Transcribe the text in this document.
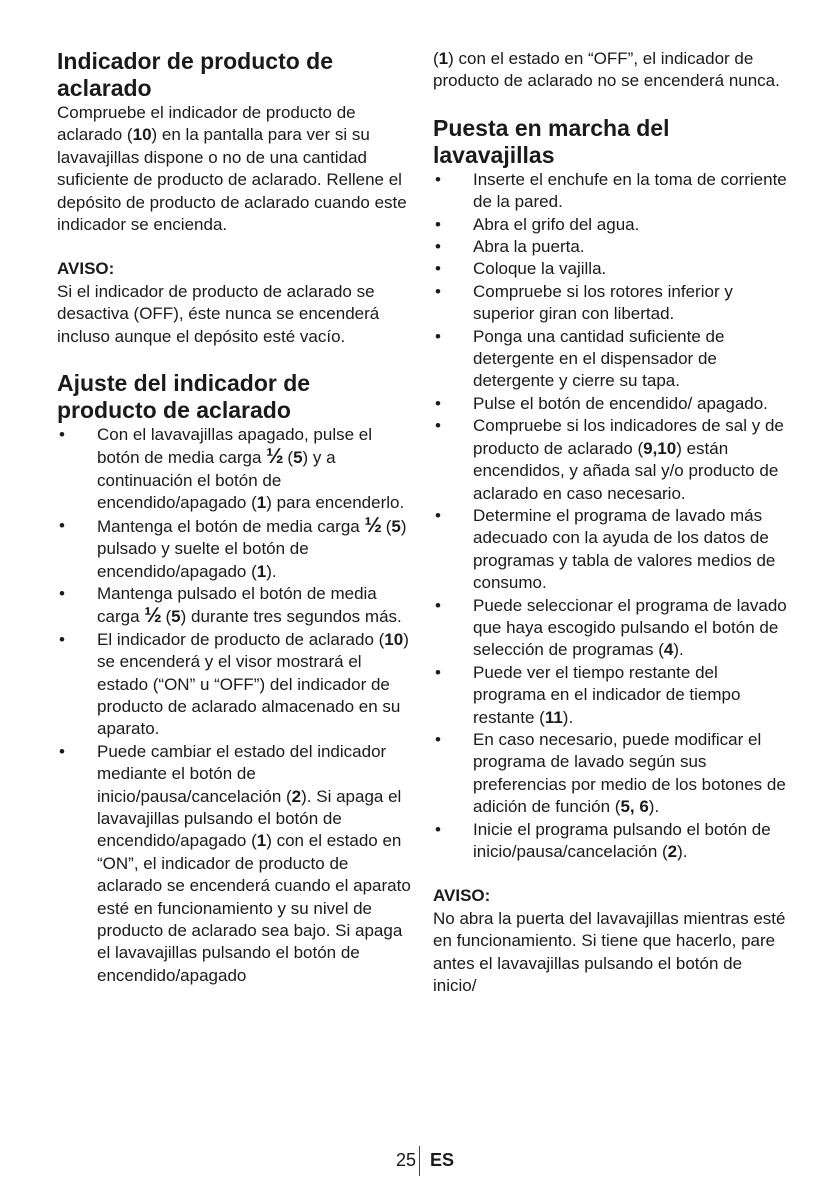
Indicador de producto de aclarado

Compruebe el indicador de producto de aclarado (10) en la pantalla para ver si su lavavajillas dispone o no de una cantidad suficiente de producto de aclarado. Rellene el depósito de producto de aclarado cuando este indicador se encienda.

AVISO:

Si el indicador de producto de aclarado se desactiva (OFF), éste nunca se encenderá incluso aunque el depósito esté vacío.

Ajuste del indicador de producto de aclarado
• Con el lavavajillas apagado, pulse el botón de media carga ½ (5) y a continuación el botón de encendido/apagado (1) para encenderlo.
• Mantenga el botón de media carga ½ (5) pulsado y suelte el botón de encendido/apagado (1).
• Mantenga pulsado el botón de media carga ½ (5) durante tres segundos más.
• El indicador de producto de aclarado (10) se encenderá y el visor mostrará el estado (“ON” u “OFF”) del indicador de producto de aclarado almacenado en su aparato.
• Puede cambiar el estado del indicador mediante el botón de inicio/pausa/cancelación (2). Si apaga el lavavajillas pulsando el botón de encendido/apagado (1) con el estado en “ON”, el indicador de producto de aclarado se encenderá cuando el aparato esté en funcionamiento y su nivel de producto de aclarado sea bajo. Si apaga el lavavajillas pulsando el botón de encendido/apagado

(1) con el estado en “OFF”, el indicador de producto de aclarado no se encenderá nunca.

Puesta en marcha del lavavajillas
• Inserte el enchufe en la toma de corriente de la pared.
• Abra el grifo del agua.
• Abra la puerta.
• Coloque la vajilla.
• Compruebe si los rotores inferior y superior giran con libertad.
• Ponga una cantidad suficiente de detergente en el dispensador de detergente y cierre su tapa.
• Pulse el botón de encendido/ apagado.
• Compruebe si los indicadores de sal y de producto de aclarado (9,10) están encendidos, y añada sal y/o producto de aclarado en caso necesario.
• Determine el programa de lavado más adecuado con la ayuda de los datos de programas y tabla de valores medios de consumo.
• Puede seleccionar el programa de lavado que haya escogido pulsando el botón de selección de programas (4).
• Puede ver el tiempo restante del programa en el indicador de tiempo restante (11).
• En caso necesario, puede modificar el programa de lavado según sus preferencias por medio de los botones de adición de función (5, 6).
• Inicie el programa pulsando el botón de inicio/pausa/cancelación (2).

AVISO:

No abra la puerta del lavavajillas mientras esté en funcionamiento. Si tiene que hacerlo, pare antes el lavavajillas pulsando el botón de inicio/

25 ES
